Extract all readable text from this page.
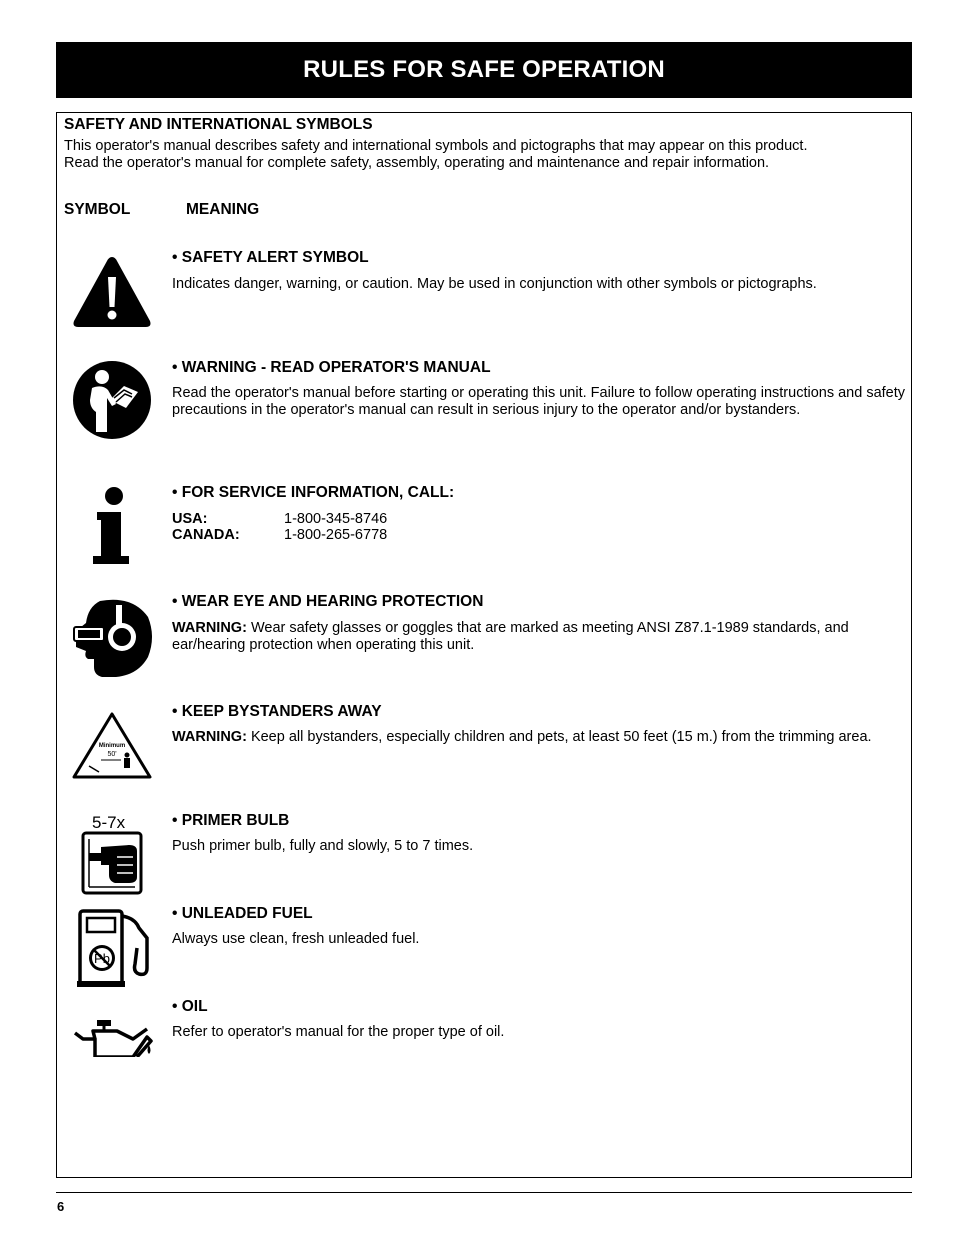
RULES FOR SAFE OPERATION
SAFETY AND INTERNATIONAL SYMBOLS
This operator's manual describes safety and international symbols and pictographs that may appear on this product.
Read the operator's manual for complete safety, assembly, operating and maintenance and repair information.
SYMBOL	MEANING
• SAFETY ALERT SYMBOL
Indicates danger, warning, or caution. May be used in conjunction with other symbols or pictographs.
• WARNING - READ OPERATOR'S MANUAL
Read the operator's manual before starting or operating this unit. Failure to follow operating instructions and safety precautions in the operator's manual can result in serious injury to the operator and/or bystanders.
• FOR SERVICE INFORMATION, CALL:
USA:	1-800-345-8746
CANADA:	1-800-265-6778
• WEAR EYE AND HEARING PROTECTION
WARNING: Wear safety glasses or goggles that are marked as meeting ANSI Z87.1-1989 standards, and ear/hearing protection when operating this unit.
Minimum
50'
• KEEP BYSTANDERS AWAY
WARNING: Keep all bystanders, especially children and pets, at least 50 feet (15 m.) from the trimming area.
5-7x	• PRIMER BULB
Push primer bulb, fully and slowly, 5 to 7 times.
Pb
• UNLEADED FUEL
Always use clean, fresh unleaded fuel.
• OIL
Refer to operator's manual for the proper type of oil.
6
